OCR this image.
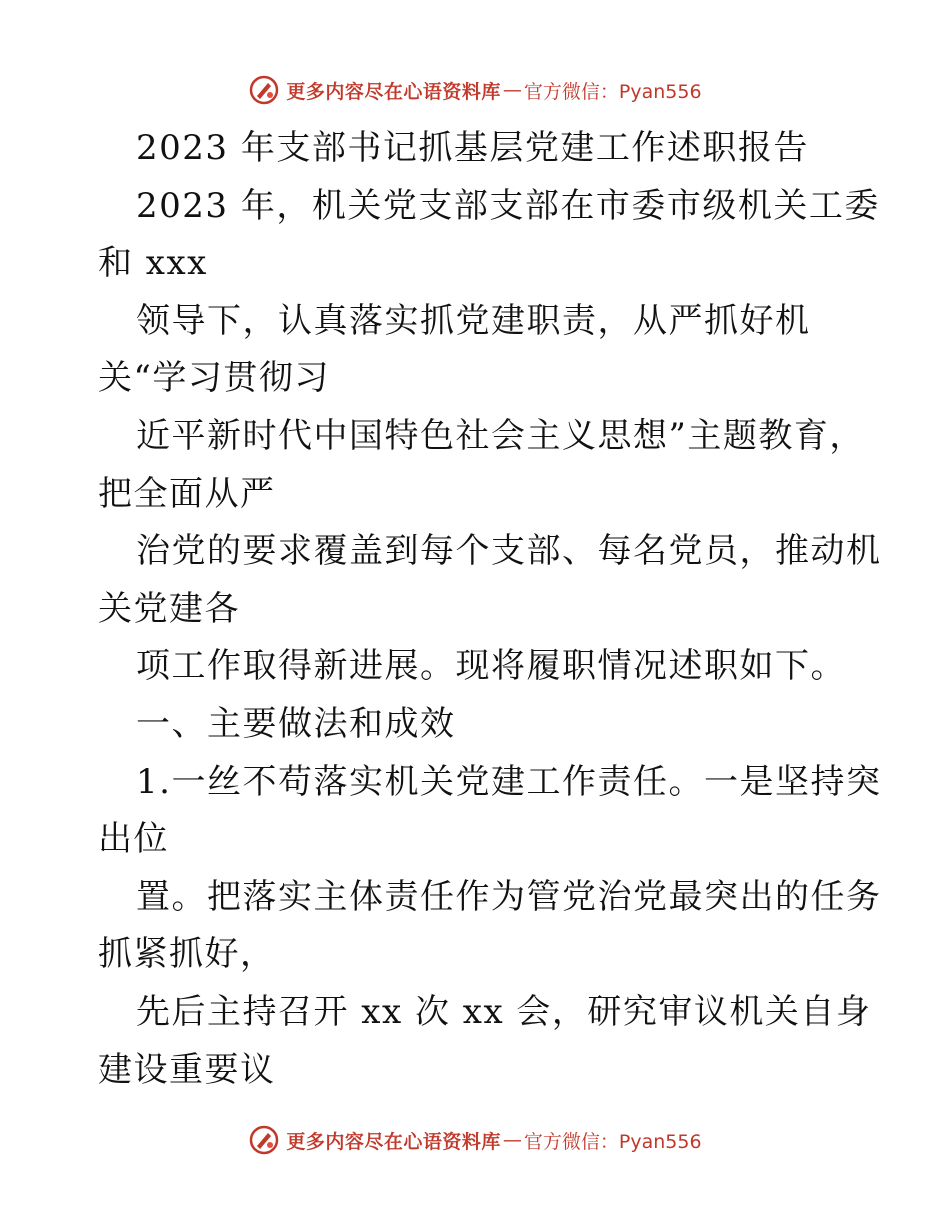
更多内容尽在心语资料库 — 官方微信：Pyan556
2023 年支部书记抓基层党建工作述职报告
2023 年，机关党支部支部在市委市级机关工委
和 xxx
领导下，认真落实抓党建职责，从严抓好机
关“学习贯彻习
近平新时代中国特色社会主义思想”主题教育，
把全面从严
治党的要求覆盖到每个支部、每名党员，推动机
关党建各
项工作取得新进展。现将履职情况述职如下。
一、主要做法和成效
1.一丝不苟落实机关党建工作责任。一是坚持突
出位
置。把落实主体责任作为管党治党最突出的任务
抓紧抓好，
先后主持召开 xx 次 xx 会，研究审议机关自身
建设重要议
更多内容尽在心语资料库 — 官方微信：Pyan556
